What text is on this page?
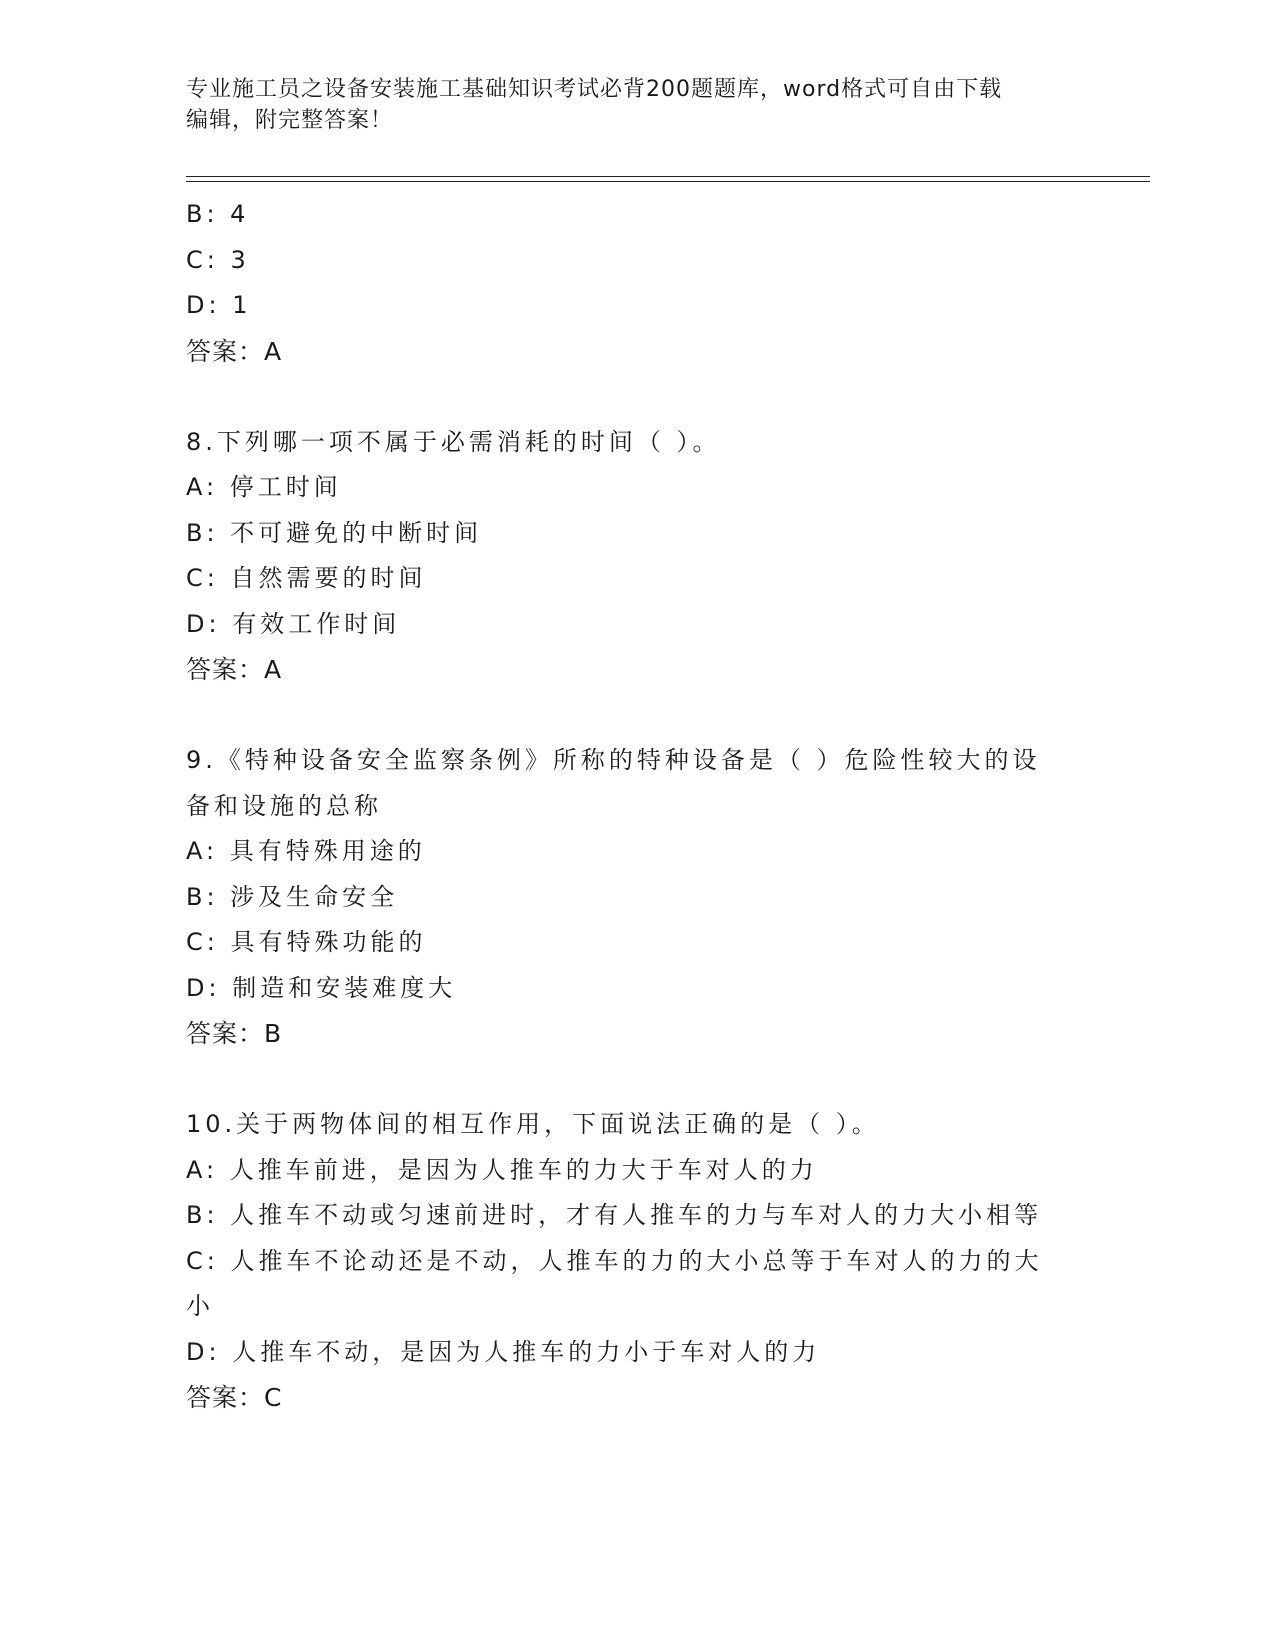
专业施工员之设备安装施工基础知识考试必背200题题库，word格式可自由下载
编辑，附完整答案！
B: 4
C: 3
D: 1
答案：A
8.下列哪一项不属于必需消耗的时间（ ）。
A: 停工时间
B: 不可避免的中断时间
C: 自然需要的时间
D: 有效工作时间
答案：A
9.《特种设备安全监察条例》所称的特种设备是（ ）危险性较大的设
备和设施的总称
A: 具有特殊用途的
B: 涉及生命安全
C: 具有特殊功能的
D: 制造和安装难度大
答案：B
10.关于两物体间的相互作用，下面说法正确的是（ ）。
A: 人推车前进，是因为人推车的力大于车对人的力
B: 人推车不动或匀速前进时，才有人推车的力与车对人的力大小相等
C: 人推车不论动还是不动，人推车的力的大小总等于车对人的力的大
小
D: 人推车不动，是因为人推车的力小于车对人的力
答案：C
